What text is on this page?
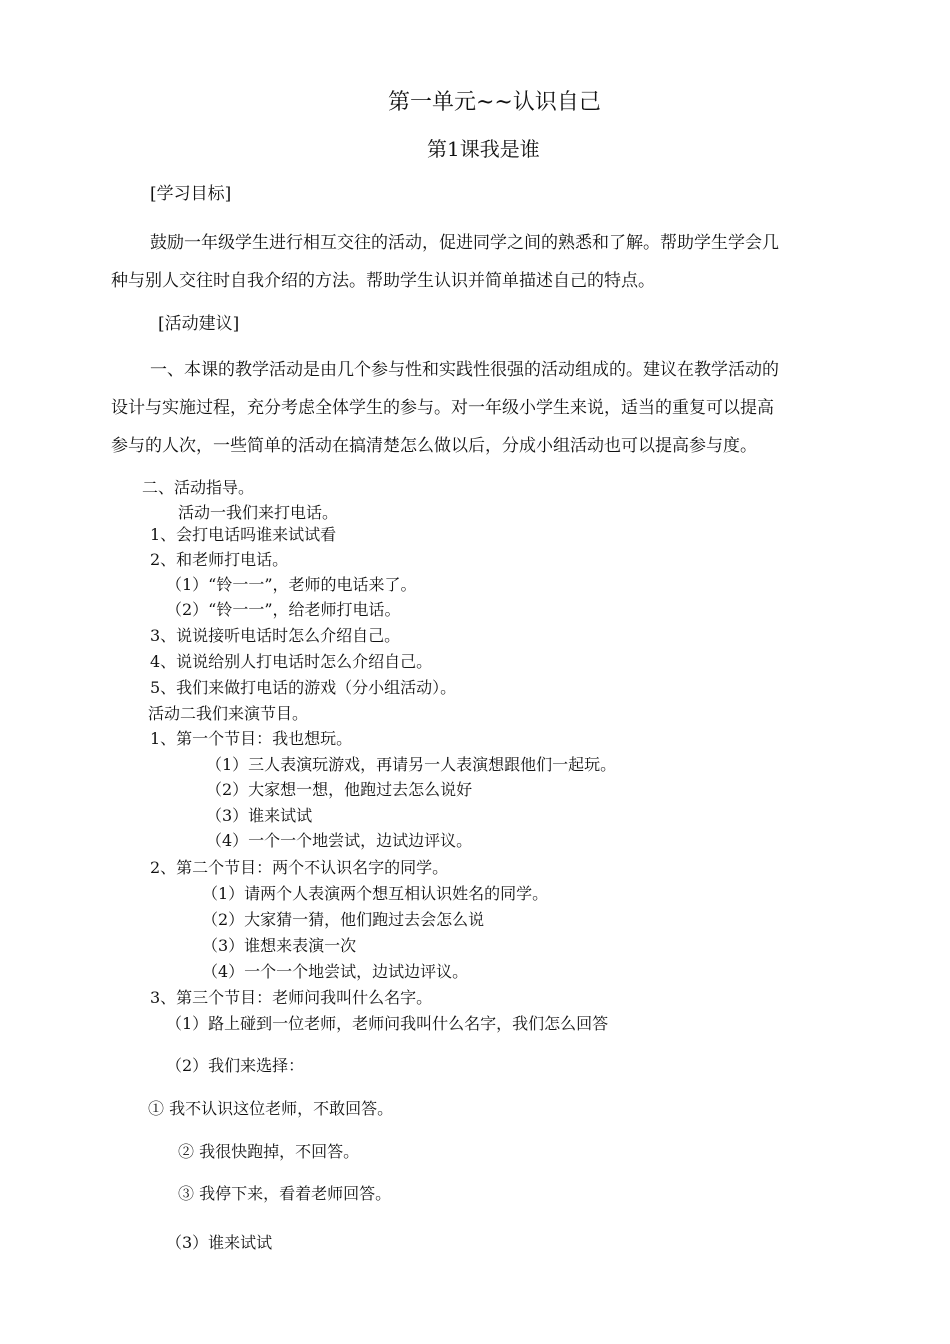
第一单元~~认识自己
第1课我是谁
[学习目标]
鼓励一年级学生进行相互交往的活动，促进同学之间的熟悉和了解。帮助学生学会几
种与别人交往时自我介绍的方法。帮助学生认识并简单描述自己的特点。
[活动建议]
一、本课的教学活动是由几个参与性和实践性很强的活动组成的。建议在教学活动的
设计与实施过程，充分考虑全体学生的参与。对一年级小学生来说，适当的重复可以提高
参与的人次，一些简单的活动在搞清楚怎么做以后，分成小组活动也可以提高参与度。
二、活动指导。
活动一我们来打电话。
1、会打电话吗谁来试试看
2、和老师打电话。
（1）“铃一一”，老师的电话来了。
（2）“铃一一”，给老师打电话。
3、说说接听电话时怎么介绍自己。
4、说说给别人打电话时怎么介绍自己。
5、我们来做打电话的游戏（分小组活动）。
活动二我们来演节目。
1、第一个节目：我也想玩。
（1）三人表演玩游戏，再请另一人表演想跟他们一起玩。
（2）大家想一想，他跑过去怎么说好
（3）谁来试试
（4）一个一个地尝试，边试边评议。
2、第二个节目：两个不认识名字的同学。
（1）请两个人表演两个想互相认识姓名的同学。
（2）大家猜一猜，他们跑过去会怎么说
（3）谁想来表演一次
（4）一个一个地尝试，边试边评议。
3、第三个节目：老师问我叫什么名字。
（1）路上碰到一位老师，老师问我叫什么名字，我们怎么回答
（2）我们来选择：
① 我不认识这位老师，不敢回答。
② 我很快跑掉，不回答。
③ 我停下来，看着老师回答。
（3）谁来试试
